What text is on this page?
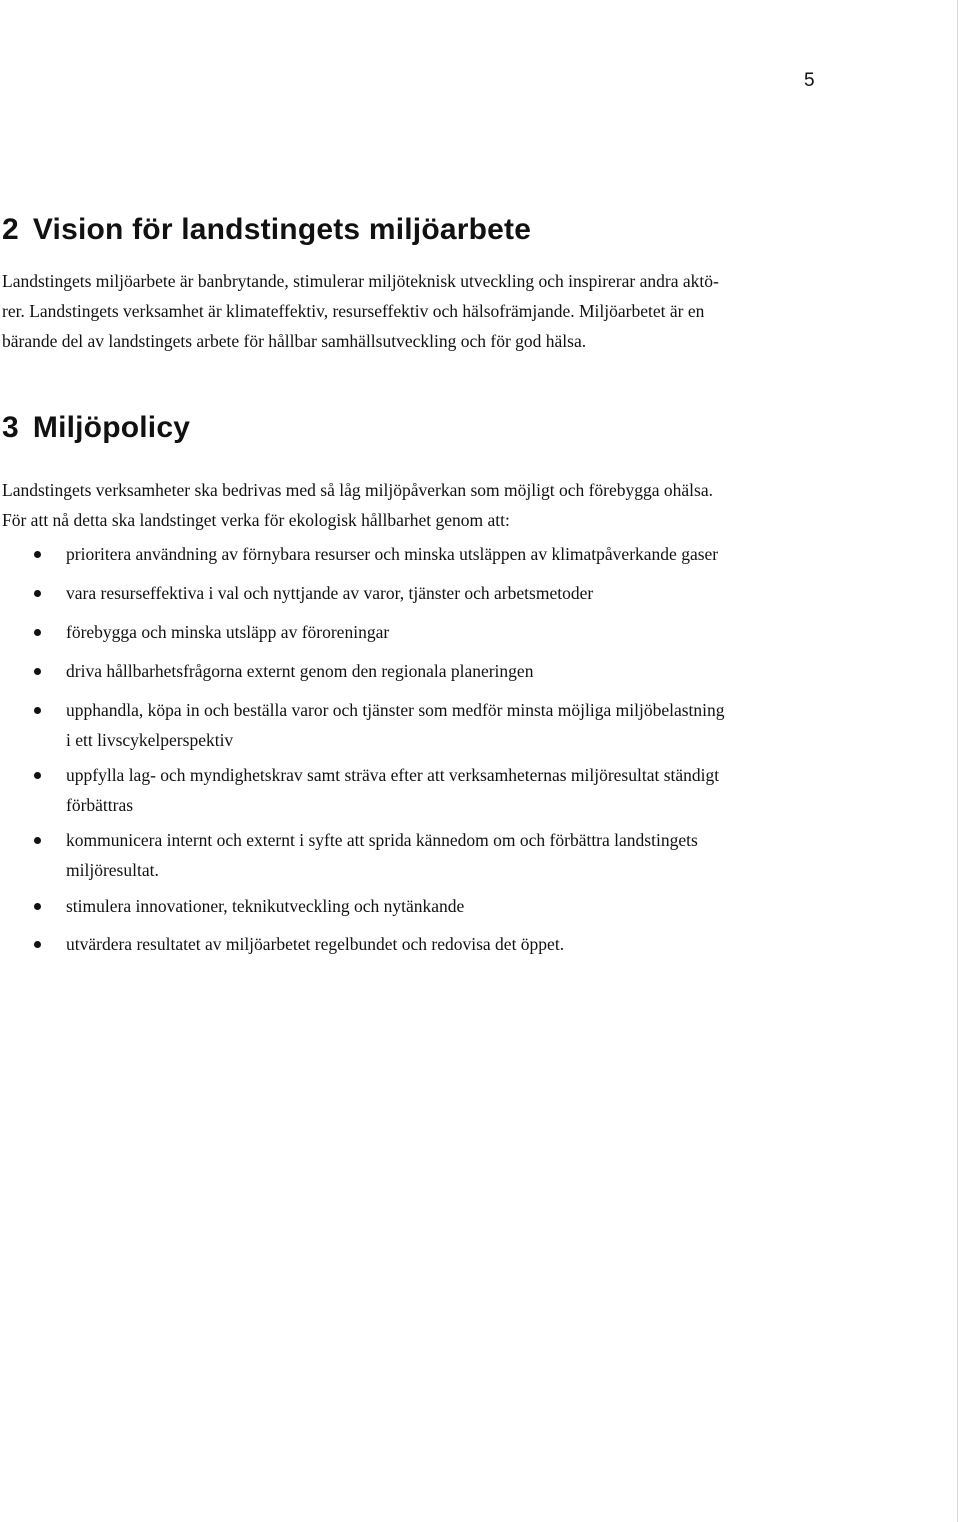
5
2 Vision för landstingets miljöarbete
Landstingets miljöarbete är banbrytande, stimulerar miljöteknisk utveckling och inspirerar andra aktö-
rer. Landstingets verksamhet är klimateffektiv, resurseffektiv och hälsofrämjande. Miljöarbetet är en
bärande del av landstingets arbete för hållbar samhällsutveckling och för god hälsa.
3 Miljöpolicy
Landstingets verksamheter ska bedrivas med så låg miljöpåverkan som möjligt och förebygga ohälsa.
För att nå detta ska landstinget verka för ekologisk hållbarhet genom att:
prioritera användning av förnybara resurser och minska utsläppen av klimatpåverkande gaser
vara resurseffektiva i val och nyttjande av varor, tjänster och arbetsmetoder
förebygga och minska utsläpp av föroreningar
driva hållbarhetsfrågorna externt genom den regionala planeringen
upphandla, köpa in och beställa varor och tjänster som medför minsta möjliga miljöbelastning
i ett livscykelperspektiv
uppfylla lag- och myndighetskrav samt sträva efter att verksamheternas miljöresultat ständigt
förbättras
kommunicera internt och externt i syfte att sprida kännedom om och förbättra landstingets
miljöresultat.
stimulera innovationer, teknikutveckling och nytänkande
utvärdera resultatet av miljöarbetet regelbundet och redovisa det öppet.
